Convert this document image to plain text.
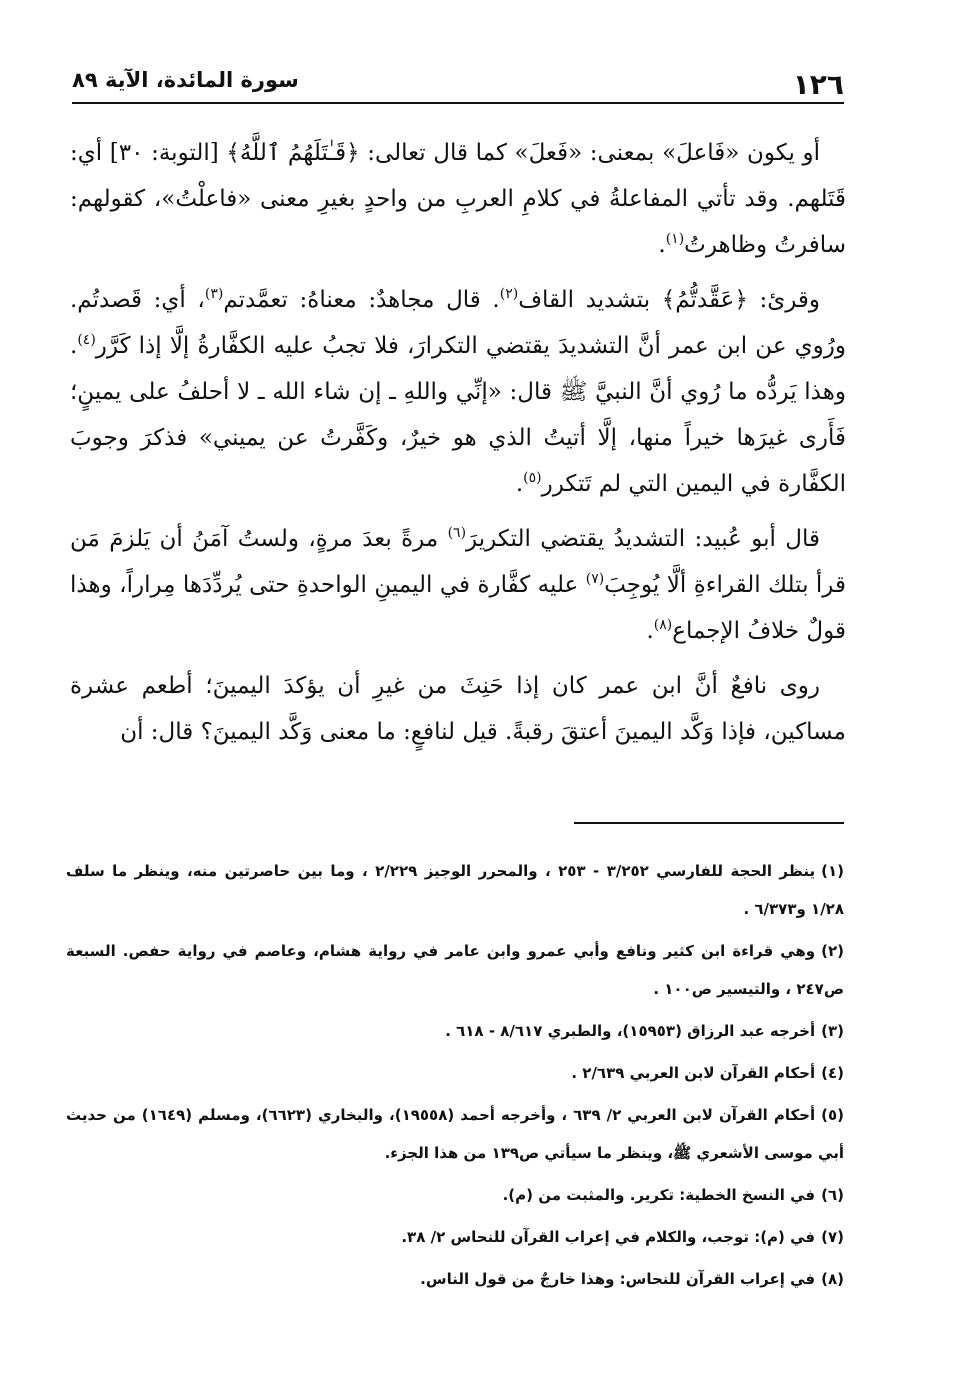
١٢٦
سورة المائدة، الآية ٨٩

أو يكون «فَاعلَ» بمعنى: «فَعلَ» كما قال تعالى: ﴿قَـٰتَلَهُمُ ٱللَّهُ﴾ [التوبة: ٣٠] أي: قَتَلهم. وقد تأتي المفاعلةُ في كلامِ العربِ من واحدٍ بغيرِ معنى «فاعلْتُ»، كقولهم: سافرتُ وظاهرتُ$^{(١)}$.

وقرئ: ﴿عَقَّدتُّمُ﴾ بتشديد القاف$^{(٢)}$. قال مجاهدٌ: معناهُ: تعمَّدتم$^{(٣)}$، أي: قَصدتُم. ورُوي عن ابن عمر أنَّ التشديدَ يقتضي التكرارَ، فلا تجبُ عليه الكفَّارةُ إلَّا إذا كَرَّر$^{(٤)}$. وهذا يَردُّه ما رُوي أنَّ النبيَّ ﷺ قال: «إنِّي واللهِ ـ إن شاء الله ـ لا أحلفُ على يمينٍ؛ فَأَرى غيرَها خيراً منها، إلَّا أتيتُ الذي هو خيرٌ، وكَفَّرتُ عن يميني» فذكرَ وجوبَ الكفَّارة في اليمين التي لم تَتكرر$^{(٥)}$.

قال أبو عُبيد: التشديدُ يقتضي التكريرَ$^{(٦)}$ مرةً بعدَ مرةٍ، ولستُ آمَنُ أن يَلزمَ مَن قرأ بتلك القراءةِ ألَّا يُوجِبَ$^{(٧)}$ عليه كفَّارة في اليمينِ الواحدةِ حتى يُردِّدَها مِراراً، وهذا قولٌ خلافُ الإجماع$^{(٨)}$.

روى نافعٌ أنَّ ابن عمر كان إذا حَنِثَ من غيرِ أن يؤكدَ اليمينَ؛ أطعم عشرة مساكين، فإذا وَكَّد اليمينَ أعتقَ رقبةً. قيل لنافعٍ: ما معنى وَكَّد اليمينَ؟ قال: أن

(١)ينظر الحجة للفارسي ٣/٢٥٢ - ٢٥٣ ، والمحرر الوجيز ٢/٢٢٩ ، وما بين حاصرتين منه، وينظر ما سلف ١/٢٨ و٦/٣٧٣ .
(٢)وهي قراءة ابن كثير ونافع وأبي عمرو وابن عامر في رواية هشام، وعاصم في رواية حفص. السبعة ص٢٤٧ ، والتيسير ص١٠٠ .
(٣)أخرجه عبد الرزاق (١٥٩٥٣)، والطبري ٨/٦١٧ - ٦١٨ .
(٤)أحكام القرآن لابن العربي ٢/٦٣٩ .
(٥)أحكام القرآن لابن العربي ٢/ ٦٣٩ ، وأخرجه أحمد (١٩٥٥٨)، والبخاري (٦٦٢٣)، ومسلم (١٦٤٩) من حديث أبي موسى الأشعري ﷺ، وينظر ما سيأتي ص١٣٩ من هذا الجزء.
(٦)في النسخ الخطية: تكرير. والمثبت من (م).
(٧)في (م): توجب، والكلام في إعراب القرآن للنحاس ٢/ ٣٨.
(٨)في إعراب القرآن للنحاس: وهذا خارجٌ من قول الناس.
